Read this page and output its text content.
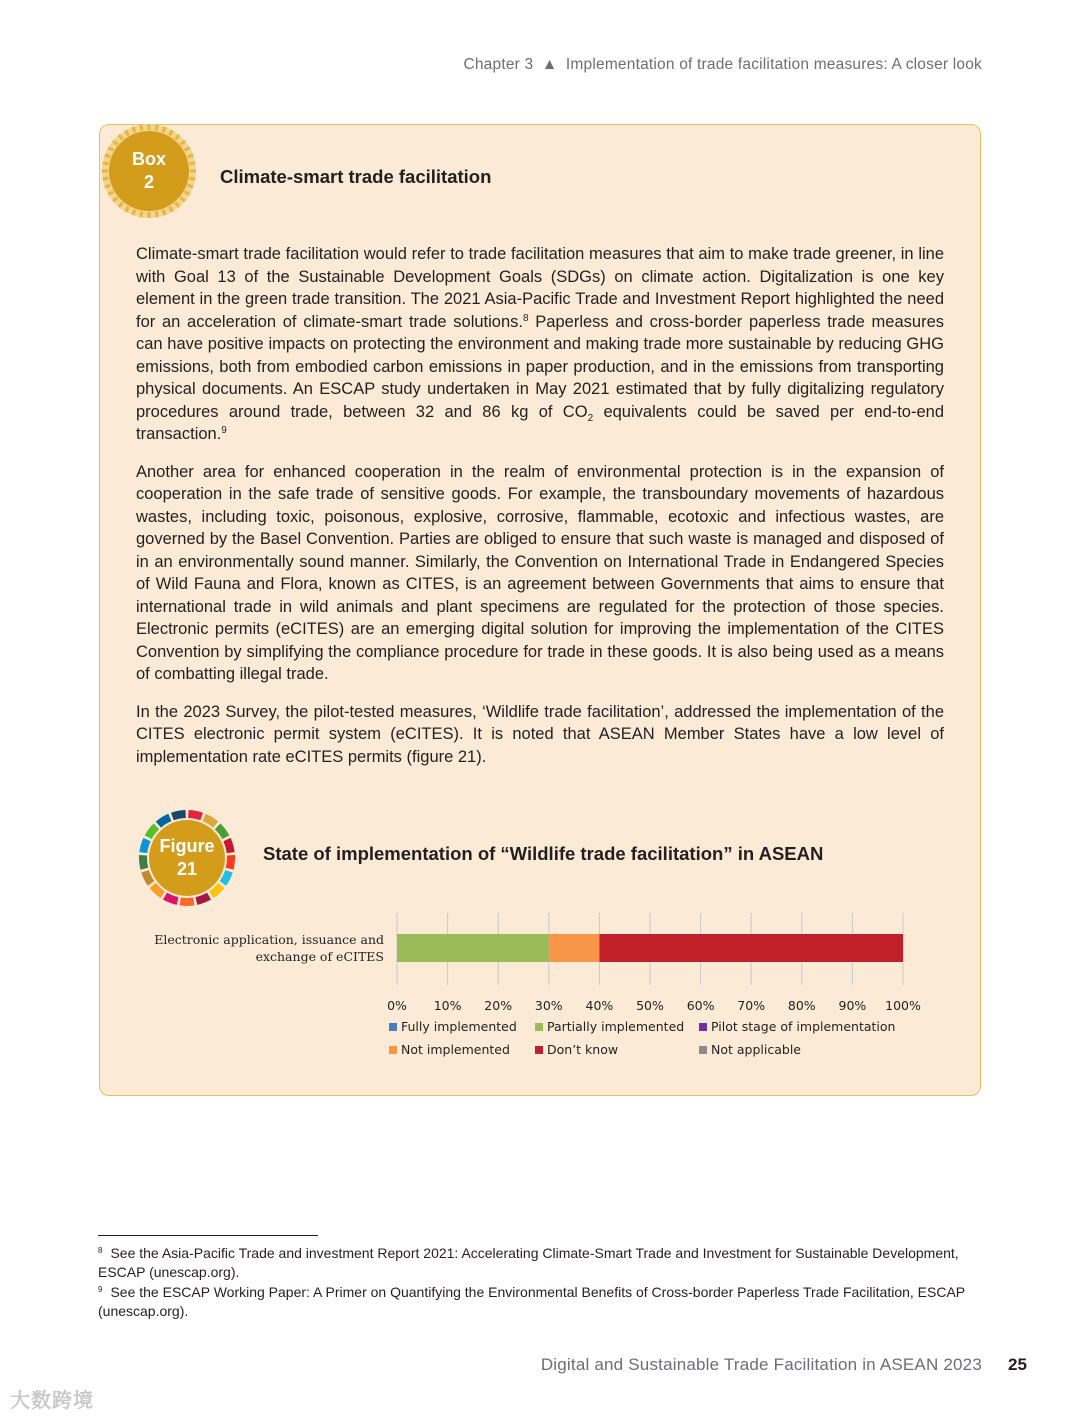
Chapter 3 ▲ Implementation of trade facilitation measures: A closer look
Box
2	Climate-smart trade facilitation

Climate-smart trade facilitation would refer to trade facilitation measures that aim to make trade greener, in line with Goal 13 of the Sustainable Development Goals (SDGs) on climate action. Digitalization is one key element in the green trade transition. The 2021 Asia-Pacific Trade and Investment Report highlighted the need for an acceleration of climate-smart trade solutions.$^8$ Paperless and cross-border paperless trade measures can have positive impacts on protecting the environment and making trade more sustainable by reducing GHG emissions, both from embodied carbon emissions in paper production, and in the emissions from transporting physical documents. An ESCAP study undertaken in May 2021 estimated that by fully digitalizing regulatory procedures around trade, between 32 and 86 kg of $CO_2$ equivalents could be saved per end-to-end transaction.$^9$

Another area for enhanced cooperation in the realm of environmental protection is in the expansion of cooperation in the safe trade of sensitive goods. For example, the transboundary movements of hazardous wastes, including toxic, poisonous, explosive, corrosive, flammable, ecotoxic and infectious wastes, are governed by the Basel Convention. Parties are obliged to ensure that such waste is managed and disposed of in an environmentally sound manner. Similarly, the Convention on International Trade in Endangered Species of Wild Fauna and Flora, known as CITES, is an agreement between Governments that aims to ensure that international trade in wild animals and plant specimens are regulated for the protection of those species. Electronic permits (eCITES) are an emerging digital solution for improving the implementation of the CITES Convention by simplifying the compliance procedure for trade in these goods. It is also being used as a means of combatting illegal trade.

In the 2023 Survey, the pilot-tested measures, ‘Wildlife trade facilitation’, addressed the implementation of the CITES electronic permit system (eCITES). It is noted that ASEAN Member States have a low level of implementation rate eCITES permits (figure 21).

Figure
21
State of implementation of “Wildlife trade facilitation” in ASEAN
0% 10% 20% 30% 40% 50% 60% 70% 80% 90% 100%
Electronic application, issuance and
exchange of eCITES
Fully implemented Partially implemented Pilot stage of implementation
Not implemented	Don’t know	Not applicable

$^8$ See the Asia-Pacific Trade and investment Report 2021: Accelerating Climate-Smart Trade and Investment for Sustainable Development, ESCAP (unescap.org).

$^9$ See the ESCAP Working Paper: A Primer on Quantifying the Environmental Benefits of Cross-border Paperless Trade Facilitation, ESCAP (unescap.org).

Digital and Sustainable Trade Facilitation in ASEAN 2023 25
大数跨境
